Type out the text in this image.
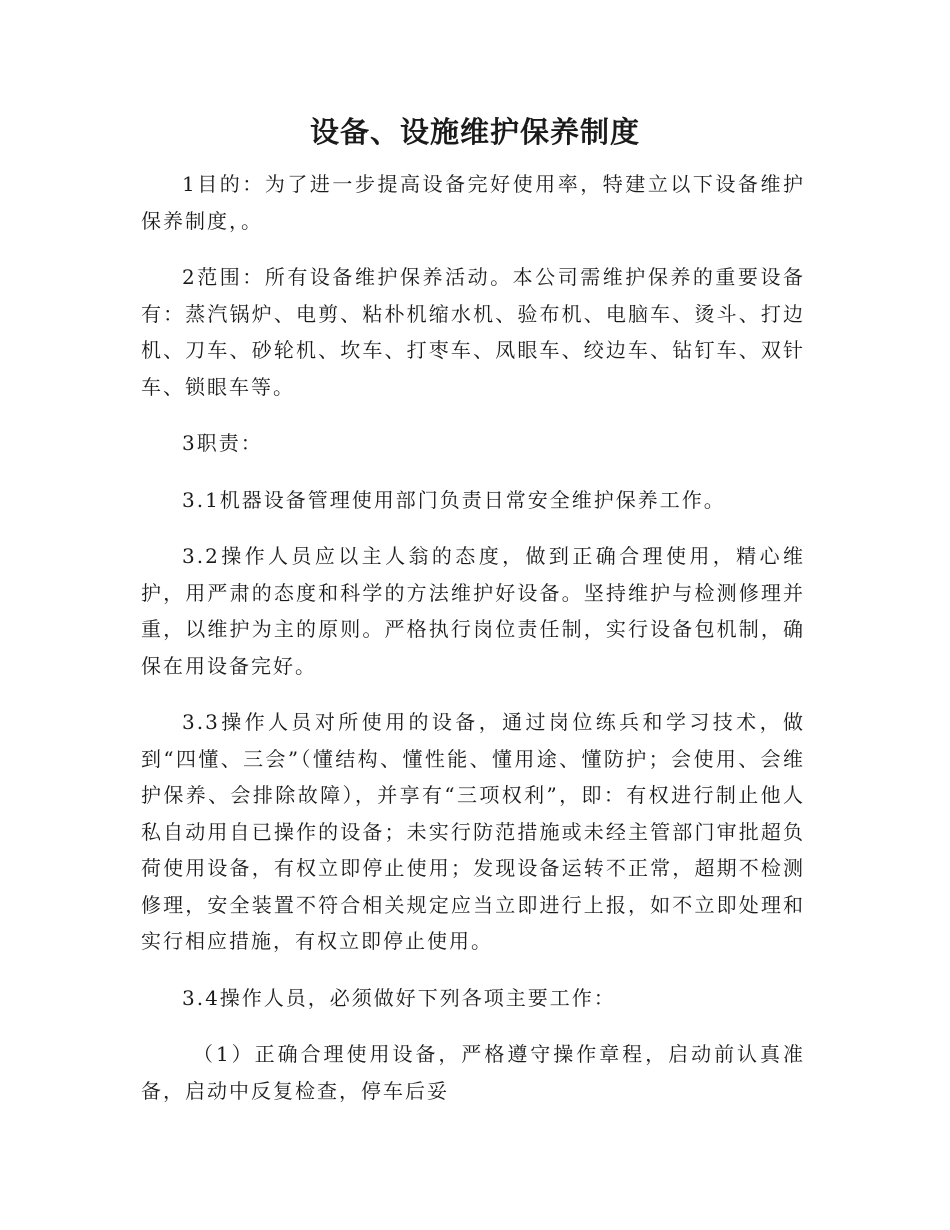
设备、设施维护保养制度

1目的：为了进一步提高设备完好使用率，特建立以下设备维护保养制度，。

2范围：所有设备维护保养活动。本公司需维护保养的重要设备有：蒸汽锅炉、电剪、粘朴机缩水机、验布机、电脑车、烫斗、打边机、刀车、砂轮机、坎车、打枣车、凤眼车、绞边车、钻钉车、双针车、锁眼车等。

3职责：

3.1机器设备管理使用部门负责日常安全维护保养工作。

3.2操作人员应以主人翁的态度，做到正确合理使用，精心维护，用严肃的态度和科学的方法维护好设备。坚持维护与检测修理并重，以维护为主的原则。严格执行岗位责任制，实行设备包机制，确保在用设备完好。

3.3操作人员对所使用的设备，通过岗位练兵和学习技术，做到“四懂、三会”（懂结构、懂性能、懂用途、懂防护；会使用、会维护保养、会排除故障），并享有“三项权利”，即：有权进行制止他人私自动用自已操作的设备；未实行防范措施或未经主管部门审批超负荷使用设备，有权立即停止使用；发现设备运转不正常，超期不检测修理，安全装置不符合相关规定应当立即进行上报，如不立即处理和实行相应措施，有权立即停止使用。

3.4操作人员，必须做好下列各项主要工作：

（1）正确合理使用设备，严格遵守操作章程，启动前认真准备，启动中反复检查，停车后妥
